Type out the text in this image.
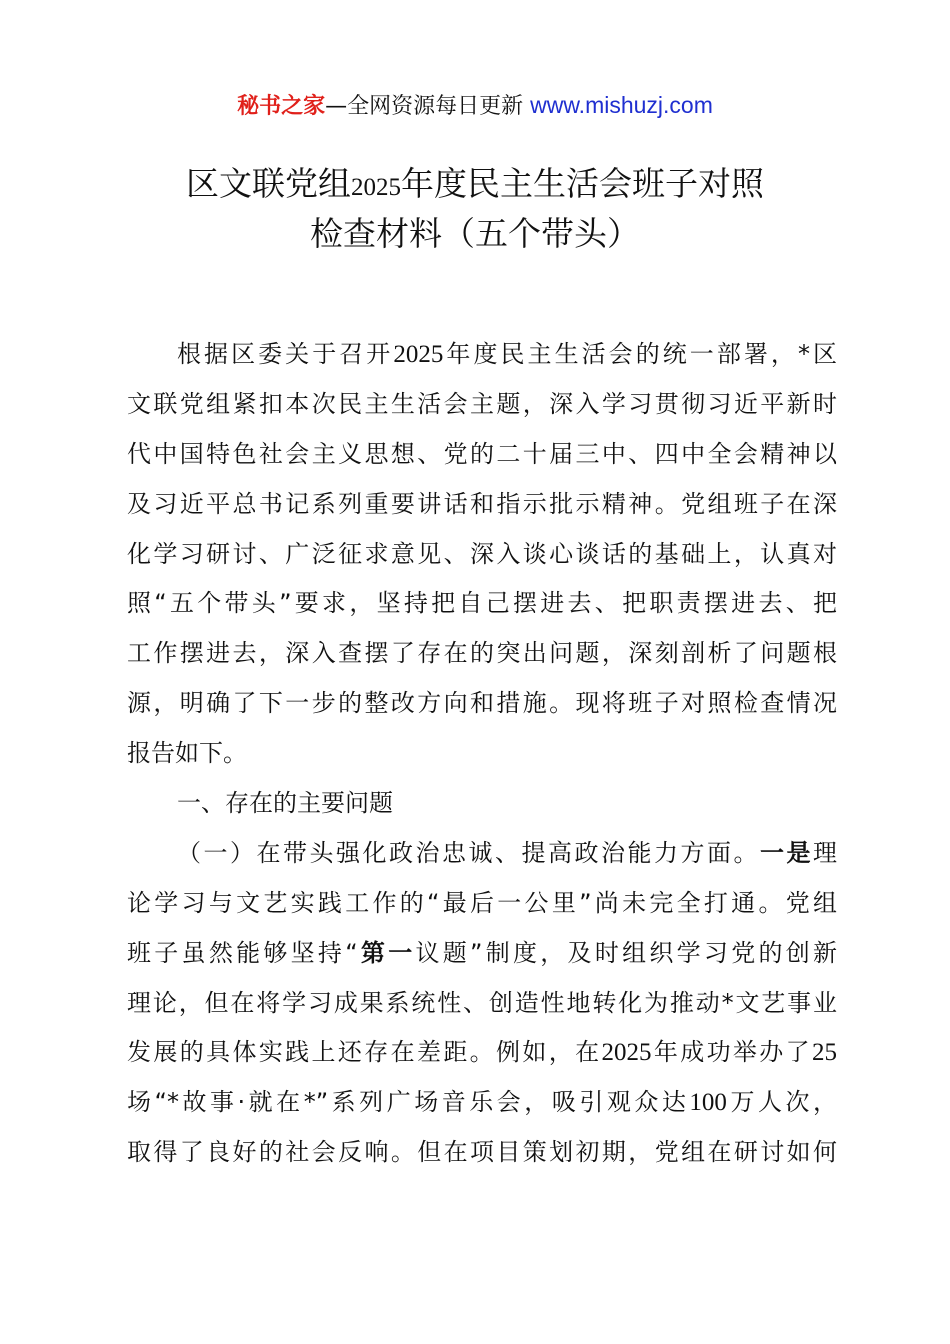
秘书之家—全网资源每日更新 www.mishuzj.com
区文联党组2025年度民主生活会班子对照
检查材料（五个带头）
根据区委关于召开2025年度民主生活会的统一部署，*区
文联党组紧扣本次民主生活会主题，深入学习贯彻习近平新时
代中国特色社会主义思想、党的二十届三中、四中全会精神以
及习近平总书记系列重要讲话和指示批示精神。党组班子在深
化学习研讨、广泛征求意见、深入谈心谈话的基础上，认真对
照“五个带头”要求，坚持把自己摆进去、把职责摆进去、把
工作摆进去，深入查摆了存在的突出问题，深刻剖析了问题根
源，明确了下一步的整改方向和措施。现将班子对照检查情况
报告如下。
一、存在的主要问题
（一）在带头强化政治忠诚、提高政治能力方面。一是理
论学习与文艺实践工作的“最后一公里”尚未完全打通。党组
班子虽然能够坚持“第一议题”制度，及时组织学习党的创新
理论，但在将学习成果系统性、创造性地转化为推动*文艺事业
发展的具体实践上还存在差距。例如，在2025年成功举办了25
场“*故事·就在*”系列广场音乐会，吸引观众达100万人次，
取得了良好的社会反响。但在项目策划初期，党组在研讨如何
